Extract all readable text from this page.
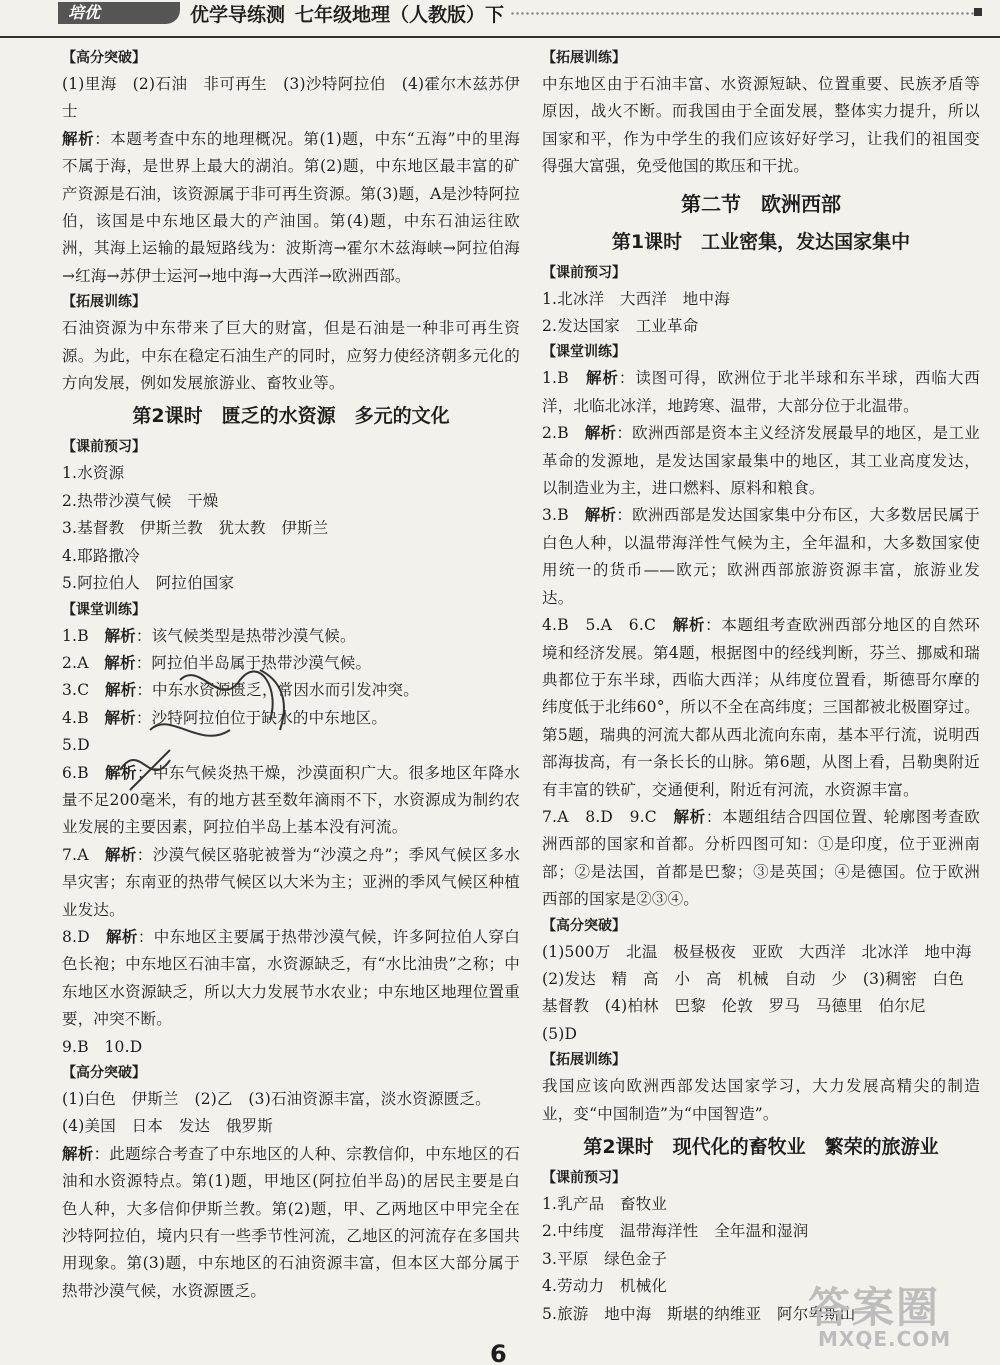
培优	优学导练测 七年级地理（人教版）下
【高分突破】
(1)里海　(2)石油　非可再生　(3)沙特阿拉伯　(4)霍尔木兹苏伊士
解析：本题考查中东的地理概况。第(1)题，中东“五海”中的里海不属于海，是世界上最大的湖泊。第(2)题，中东地区最丰富的矿产资源是石油，该资源属于非可再生资源。第(3)题，A是沙特阿拉伯，该国是中东地区最大的产油国。第(4)题，中东石油运往欧洲，其海上运输的最短路线为：波斯湾→霍尔木兹海峡→阿拉伯海→红海→苏伊士运河→地中海→大西洋→欧洲西部。
【拓展训练】
石油资源为中东带来了巨大的财富，但是石油是一种非可再生资源。为此，中东在稳定石油生产的同时，应努力使经济朝多元化的方向发展，例如发展旅游业、畜牧业等。
第2课时　匮乏的水资源　多元的文化
【课前预习】
1.水资源
2.热带沙漠气候　干燥
3.基督教　伊斯兰教　犹太教　伊斯兰
4.耶路撒冷
5.阿拉伯人　阿拉伯国家
【课堂训练】
1.B　 解析：该气候类型是热带沙漠气候。
2.A　 解析：阿拉伯半岛属于热带沙漠气候。
3.C　 解析：中东水资源匮乏，常因水而引发冲突。
4.B　 解析：沙特阿拉伯位于缺水的中东地区。
5.D
6.B　 解析：中东气候炎热干燥，沙漠面积广大。很多地区年降水量不足200毫米，有的地方甚至数年滴雨不下，水资源成为制约农业发展的主要因素，阿拉伯半岛上基本没有河流。
7.A　 解析：沙漠气候区骆驼被誉为“沙漠之舟”；季风气候区多水旱灾害；东南亚的热带气候区以大米为主；亚洲的季风气候区种植业发达。
8.D　 解析：中东地区主要属于热带沙漠气候，许多阿拉伯人穿白色长袍；中东地区石油丰富，水资源缺乏，有“水比油贵”之称；中东地区水资源缺乏，所以大力发展节水农业；中东地区地理位置重要，冲突不断。
9.B　10.D
【高分突破】
(1)白色　伊斯兰　(2)乙　(3)石油资源丰富，淡水资源匮乏。
(4)美国　日本　发达　俄罗斯
解析：此题综合考查了中东地区的人种、宗教信仰，中东地区的石油和水资源特点。第(1)题，甲地区(阿拉伯半岛)的居民主要是白色人种，大多信仰伊斯兰教。第(2)题，甲、乙两地区中甲完全在沙特阿拉伯，境内只有一些季节性河流，乙地区的河流存在多国共用现象。第(3)题，中东地区的石油资源丰富，但本区大部分属于热带沙漠气候，水资源匮乏。
【拓展训练】
中东地区由于石油丰富、水资源短缺、位置重要、民族矛盾等原因，战火不断。而我国由于全面发展，整体实力提升，所以国家和平，作为中学生的我们应该好好学习，让我们的祖国变得强大富强，免受他国的欺压和干扰。
第二节　欧洲西部
第1课时　工业密集，发达国家集中
【课前预习】
1.北冰洋　大西洋　地中海
2.发达国家　工业革命
【课堂训练】
1.B　 解析：读图可得，欧洲位于北半球和东半球，西临大西洋，北临北冰洋，地跨寒、温带，大部分位于北温带。
2.B　 解析：欧洲西部是资本主义经济发展最早的地区，是工业革命的发源地，是发达国家最集中的地区，其工业高度发达，以制造业为主，进口燃料、原料和粮食。
3.B　 解析：欧洲西部是发达国家集中分布区，大多数居民属于白色人种，以温带海洋性气候为主，全年温和，大多数国家使用统一的货币——欧元；欧洲西部旅游资源丰富，旅游业发达。
4.B　5.A　6.C　 解析：本题组考查欧洲西部分地区的自然环境和经济发展。第4题，根据图中的经线判断，芬兰、挪威和瑞典都位于东半球，西临大西洋；从纬度位置看，斯德哥尔摩的纬度低于北纬60°，所以不全在高纬度；三国都被北极圈穿过。第5题，瑞典的河流大都从西北流向东南，基本平行流，说明西部海拔高，有一条长长的山脉。第6题，从图上看，吕勒奥附近有丰富的铁矿，交通便利，附近有河流，水资源丰富。
7.A　8.D　9.C　 解析：本题组结合四国位置、轮廓图考查欧洲西部的国家和首都。分析四图可知：①是印度，位于亚洲南部；②是法国，首都是巴黎；③是英国；④是德国。位于欧洲西部的国家是②③④。
【高分突破】
(1)500万　北温　极昼极夜　亚欧　大西洋　北冰洋　地中海
(2)发达　精　高　小　高　机械　自动　少　(3)稠密　白色
基督教　(4)柏林　巴黎　伦敦　罗马　马德里　伯尔尼
(5)D
【拓展训练】
我国应该向欧洲西部发达国家学习，大力发展高精尖的制造业，变“中国制造”为“中国智造”。
第2课时　现代化的畜牧业　繁荣的旅游业
【课前预习】
1.乳产品　畜牧业
2.中纬度　温带海洋性　全年温和湿润
3.平原　绿色金子
4.劳动力　机械化
5.旅游　地中海　斯堪的纳维亚　阿尔卑斯山
6
答案圈
MXQE.COM
